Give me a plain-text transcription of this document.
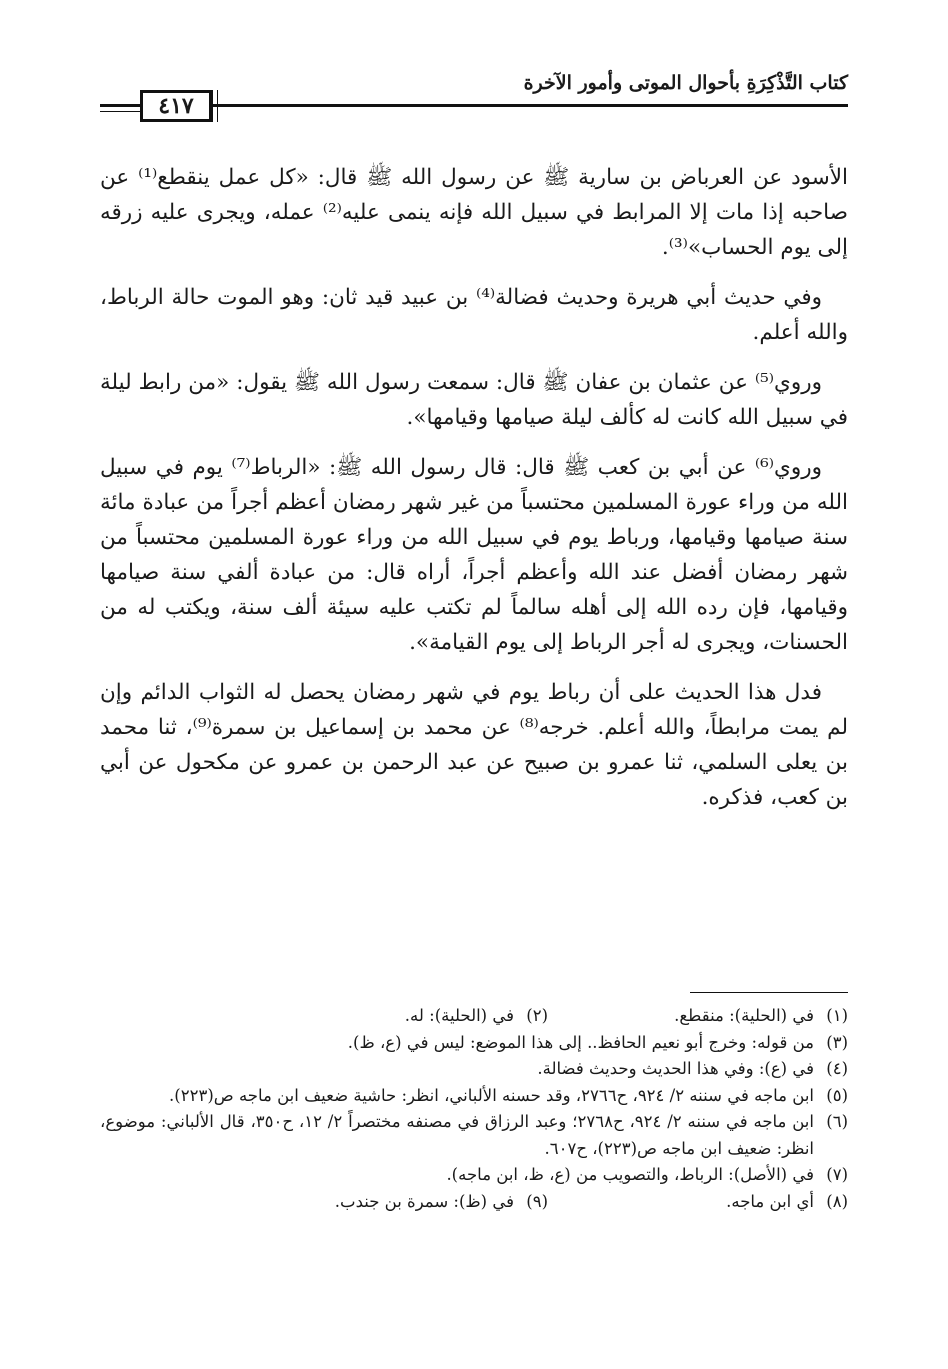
كتاب التَّذْكِرَةِ بأحوال الموتى وأمور الآخرة
٤١٧

الأسود عن العرباض بن سارية ﷺ عن رسول الله ﷺ قال: «كل عمل ينقطع⁽¹⁾ عن صاحبه إذا مات إلا المرابط في سبيل الله فإنه ينمى عليه⁽²⁾ عمله، ويجرى عليه زرقه إلى يوم الحساب»⁽³⁾.

وفي حديث أبي هريرة وحديث فضالة⁽⁴⁾ بن عبيد قيد ثان: وهو الموت حالة الرباط، والله أعلم.

وروي⁽⁵⁾ عن عثمان بن عفان ﷺ قال: سمعت رسول الله ﷺ يقول: «من رابط ليلة في سبيل الله كانت له كألف ليلة صيامها وقيامها».

وروي⁽⁶⁾ عن أبي بن كعب ﷺ قال: قال رسول الله ﷺ: «الرباط⁽⁷⁾ يوم في سبيل الله من وراء عورة المسلمين محتسباً من غير شهر رمضان أعظم أجراً من عبادة مائة سنة صيامها وقيامها، ورباط يوم في سبيل الله من وراء عورة المسلمين محتسباً من شهر رمضان أفضل عند الله وأعظم أجراً، أراه قال: من عبادة ألفي سنة صيامها وقيامها، فإن رده الله إلى أهله سالماً لم تكتب عليه سيئة ألف سنة، ويكتب له من الحسنات، ويجرى له أجر الرباط إلى يوم القيامة».

فدل هذا الحديث على أن رباط يوم في شهر رمضان يحصل له الثواب الدائم وإن لم يمت مرابطاً، والله أعلم. خرجه⁽⁸⁾ عن محمد بن إسماعيل بن سمرة⁽⁹⁾، ثنا محمد بن يعلى السلمي، ثنا عمرو بن صبيح عن عبد الرحمن بن عمرو عن مكحول عن أبي بن كعب، فذكره.

(١)
في (الحلية): منقطع.
(٢)
في (الحلية): له.
(٣)
من قوله: وخرج أبو نعيم الحافظ.. إلى هذا الموضع: ليس في (ع، ظ).
(٤)
في (ع): وفي هذا الحديث وحديث فضالة.
(٥)
ابن ماجه في سننه ٢/ ٩٢٤، ح٢٧٦٦، وقد حسنه الألباني، انظر: حاشية ضعيف ابن ماجه ص(٢٢٣).
(٦)
ابن ماجه في سننه ٢/ ٩٢٤، ح٢٧٦٨؛ وعبد الرزاق في مصنفه مختصراً ٢/ ١٢، ح٣٥٠، قال الألباني: موضوع، انظر: ضعيف ابن ماجه ص(٢٢٣)، ح٦٠٧.
(٧)
في (الأصل): الرباط، والتصويب من (ع، ظ، ابن ماجه).
(٨)
أي ابن ماجه.
(٩)
في (ظ): سمرة بن جندب.
